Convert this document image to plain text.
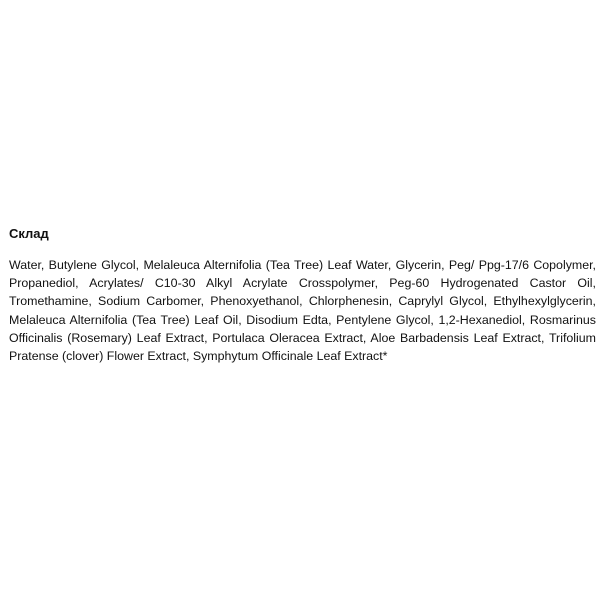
Склад

Water, Butylene Glycol, Melaleuca Alternifolia (Tea Tree) Leaf Water, Glycerin, Peg/ Ppg-17/6 Copolymer, Propanediol, Acrylates/ C10-30 Alkyl Acrylate Crosspolymer, Peg-60 Hydrogenated Castor Oil, Tromethamine, Sodium Carbomer, Phenoxyethanol, Chlorphenesin, Caprylyl Glycol, Ethylhexylglycerin, Melaleuca Alternifolia (Tea Tree) Leaf Oil, Disodium Edta, Pentylene Glycol, 1,2-Hexanediol, Rosmarinus Officinalis (Rosemary) Leaf Extract, Portulaca Oleracea Extract, Aloe Barbadensis Leaf Extract, Trifolium Pratense (clover) Flower Extract, Symphytum Officinale Leaf Extract*
